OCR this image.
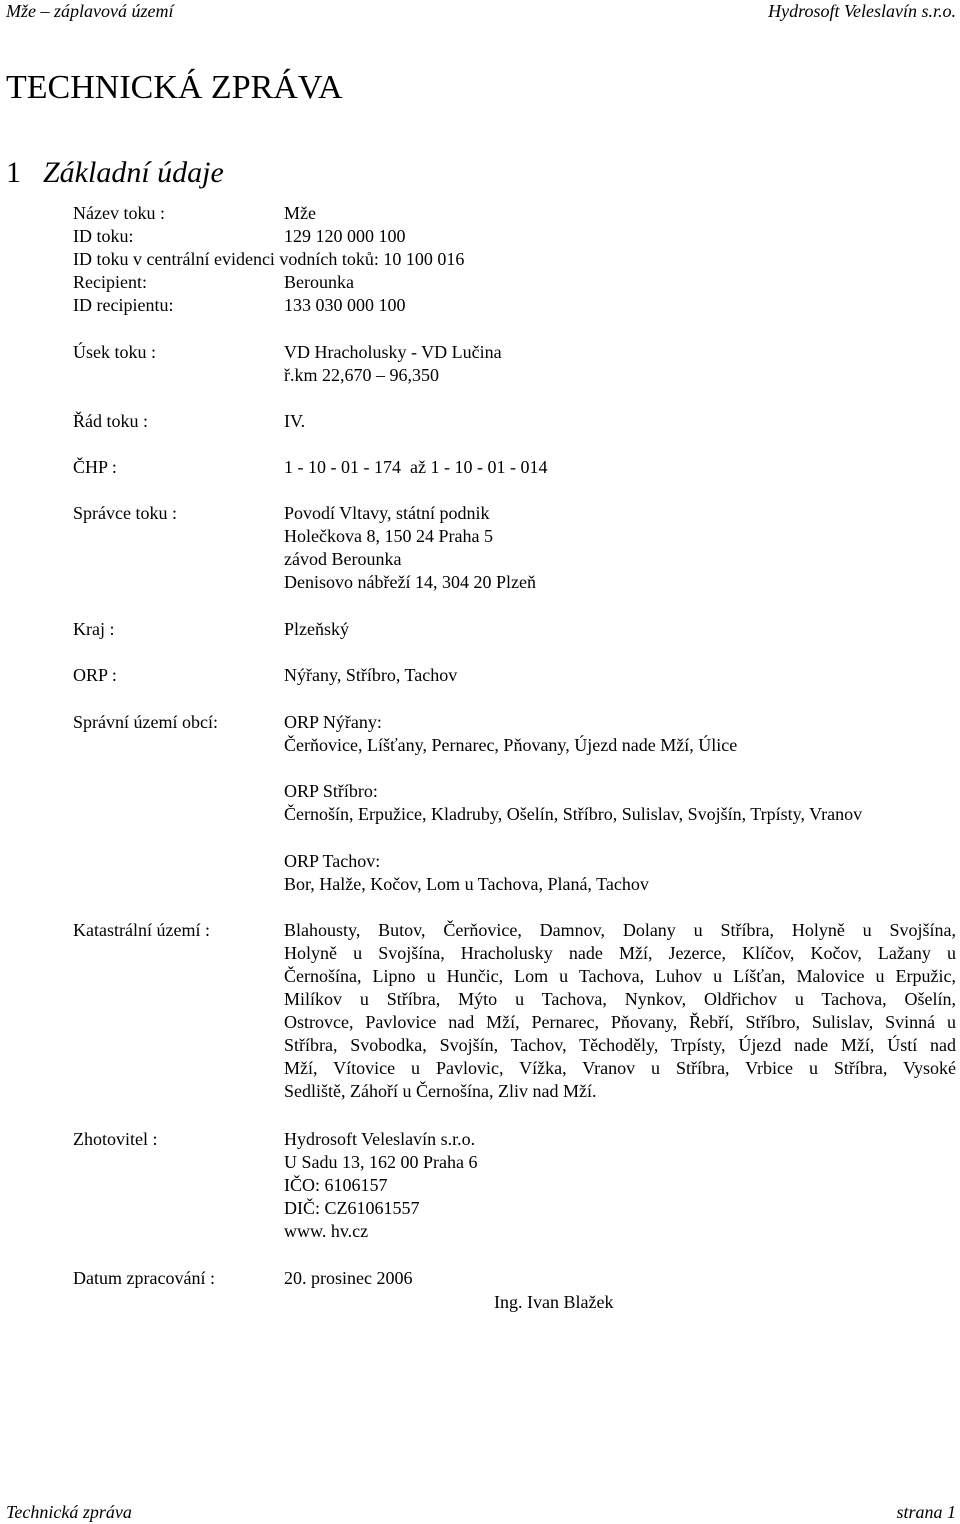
Mže – záplavová území	Hydrosoft Veleslavín s.r.o.
TECHNICKÁ ZPRÁVA
1 Základní údaje
Název toku :	Mže
ID toku:	129 120 000 100
ID toku v centrální evidenci vodních toků: 10 100 016
Recipient:	Berounka
ID recipientu:	133 030 000 100
Úsek toku :	VD Hracholusky - VD Lučina
ř.km 22,670 – 96,350
Řád toku :	IV.
ČHP :	1 - 10 - 01 - 174  až 1 - 10 - 01 - 014
Správce toku :	Povodí Vltavy, státní podnik
Holečkova 8, 150 24 Praha 5
závod Berounka
Denisovo nábřeží 14, 304 20 Plzeň
Kraj :	Plzeňský
ORP :	Nýřany, Stříbro, Tachov
Správní území obcí:	ORP Nýřany:
Čerňovice, Líšťany, Pernarec, Pňovany, Újezd nade Mží, Úlice
ORP Stříbro:
Černošín, Erpužice, Kladruby, Ošelín, Stříbro, Sulislav, Svojšín, Trpísty, Vranov
ORP Tachov:
Bor, Halže, Kočov, Lom u Tachova, Planá, Tachov
Katastrální území :	Blahousty, Butov, Čerňovice, Damnov, Dolany u Stříbra, Holyně u Svojšína,
Holyně u Svojšína, Hracholusky nade Mží, Jezerce, Klíčov, Kočov, Lažany u
Černošína, Lipno u Hunčic, Lom u Tachova, Luhov u Líšťan, Malovice u Erpužic,
Milíkov u Stříbra, Mýto u Tachova, Nynkov, Oldřichov u Tachova, Ošelín,
Ostrovce, Pavlovice nad Mží, Pernarec, Pňovany, Řebří, Stříbro, Sulislav, Svinná u
Stříbra, Svobodka, Svojšín, Tachov, Těchoděly, Trpísty, Újezd nade Mží, Ústí nad
Mží, Vítovice u Pavlovic, Vížka, Vranov u Stříbra, Vrbice u Stříbra, Vysoké
Sedliště, Záhoří u Černošína, Zliv nad Mží.
Zhotovitel :	Hydrosoft Veleslavín s.r.o.
U Sadu 13, 162 00 Praha 6
IČO: 6106157
DIČ: CZ61061557
www. hv.cz
Datum zpracování :	20. prosinec 2006
Ing. Ivan Blažek
Technická zpráva	strana 1
